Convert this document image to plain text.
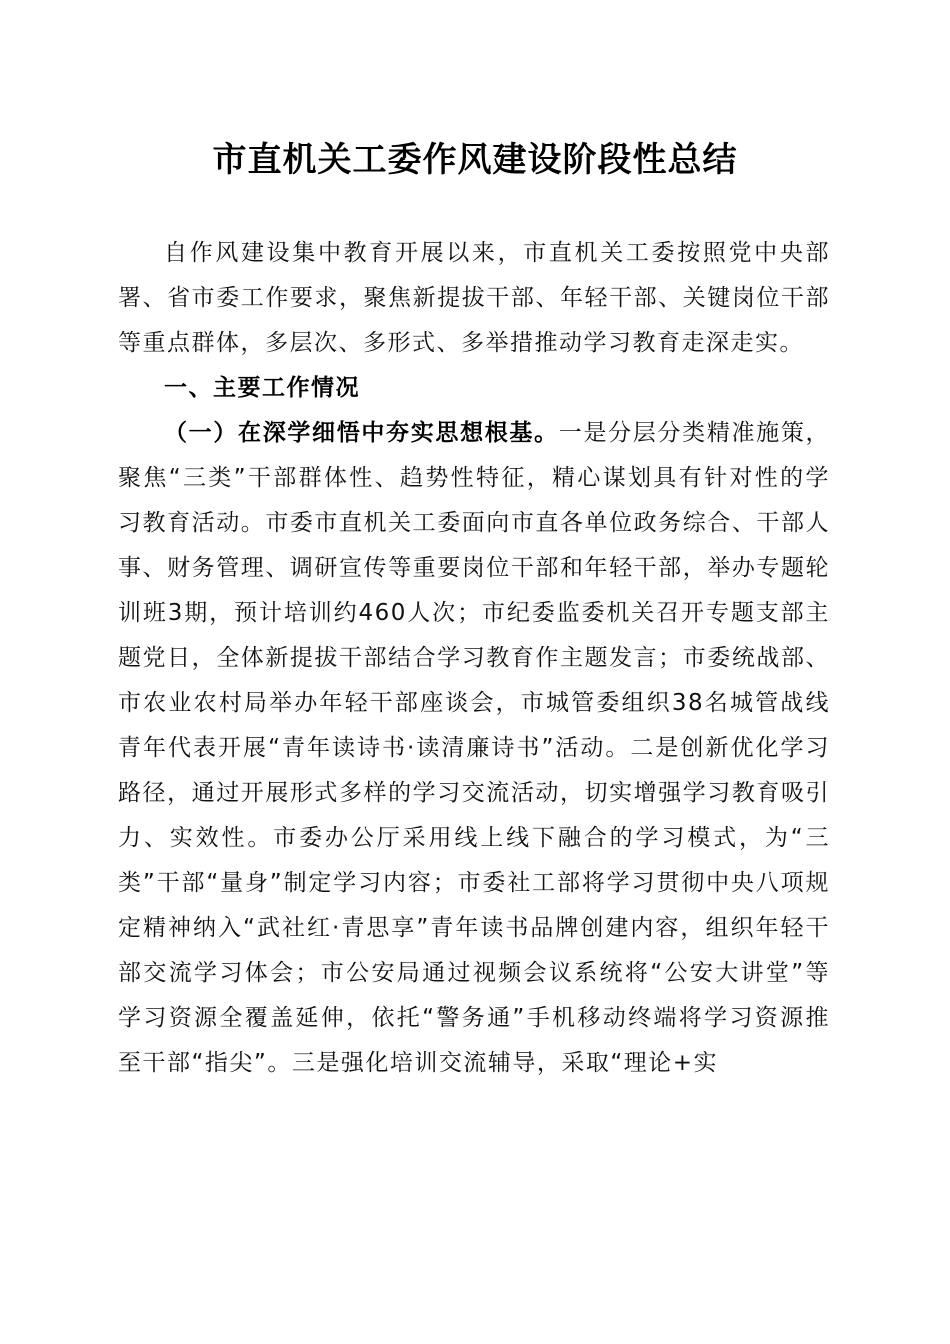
市直机关工委作风建设阶段性总结

自作风建设集中教育开展以来，市直机关工委按照党中央部署、省市委工作要求，聚焦新提拔干部、年轻干部、关键岗位干部等重点群体，多层次、多形式、多举措推动学习教育走深走实。

一、主要工作情况

（一）在深学细悟中夯实思想根基。一是分层分类精准施策，聚焦“三类”干部群体性、趋势性特征，精心谋划具有针对性的学习教育活动。市委市直机关工委面向市直各单位政务综合、干部人事、财务管理、调研宣传等重要岗位干部和年轻干部，举办专题轮训班3期，预计培训约460人次；市纪委监委机关召开专题支部主题党日，全体新提拔干部结合学习教育作主题发言；市委统战部、市农业农村局举办年轻干部座谈会，市城管委组织38名城管战线青年代表开展“青年读诗书·读清廉诗书”活动。二是创新优化学习路径，通过开展形式多样的学习交流活动，切实增强学习教育吸引力、实效性。市委办公厅采用线上线下融合的学习模式，为“三类”干部“量身”制定学习内容；市委社工部将学习贯彻中央八项规定精神纳入“武社红·青思享”青年读书品牌创建内容，组织年轻干部交流学习体会；市公安局通过视频会议系统将“公安大讲堂”等学习资源全覆盖延伸，依托“警务通”手机移动终端将学习资源推至干部“指尖”。三是强化培训交流辅导，采取“理论+实
